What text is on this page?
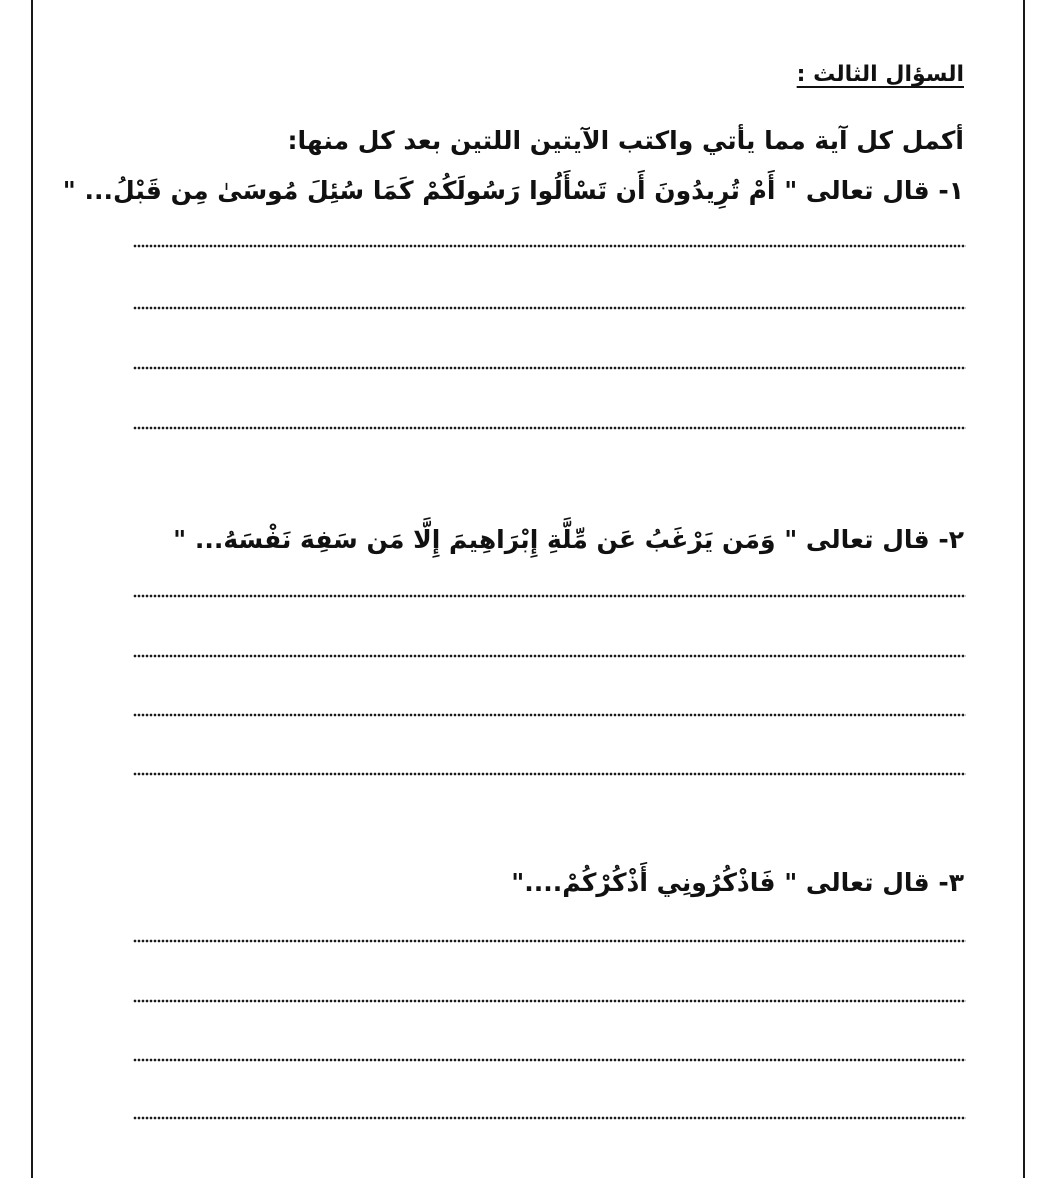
السؤال الثالث :
أكمل كل آية مما يأتي واكتب الآيتين اللتين بعد كل منها:
١- قال تعالى " أَمْ تُرِيدُونَ أَن تَسْأَلُوا رَسُولَكُمْ كَمَا سُئِلَ مُوسَىٰ مِن قَبْلُ... "
٢- قال تعالى " وَمَن يَرْغَبُ عَن مِّلَّةِ إِبْرَاهِيمَ إِلَّا مَن سَفِهَ نَفْسَهُ... "
٣- قال تعالى " فَاذْكُرُونِي أَذْكُرْكُمْ...."
